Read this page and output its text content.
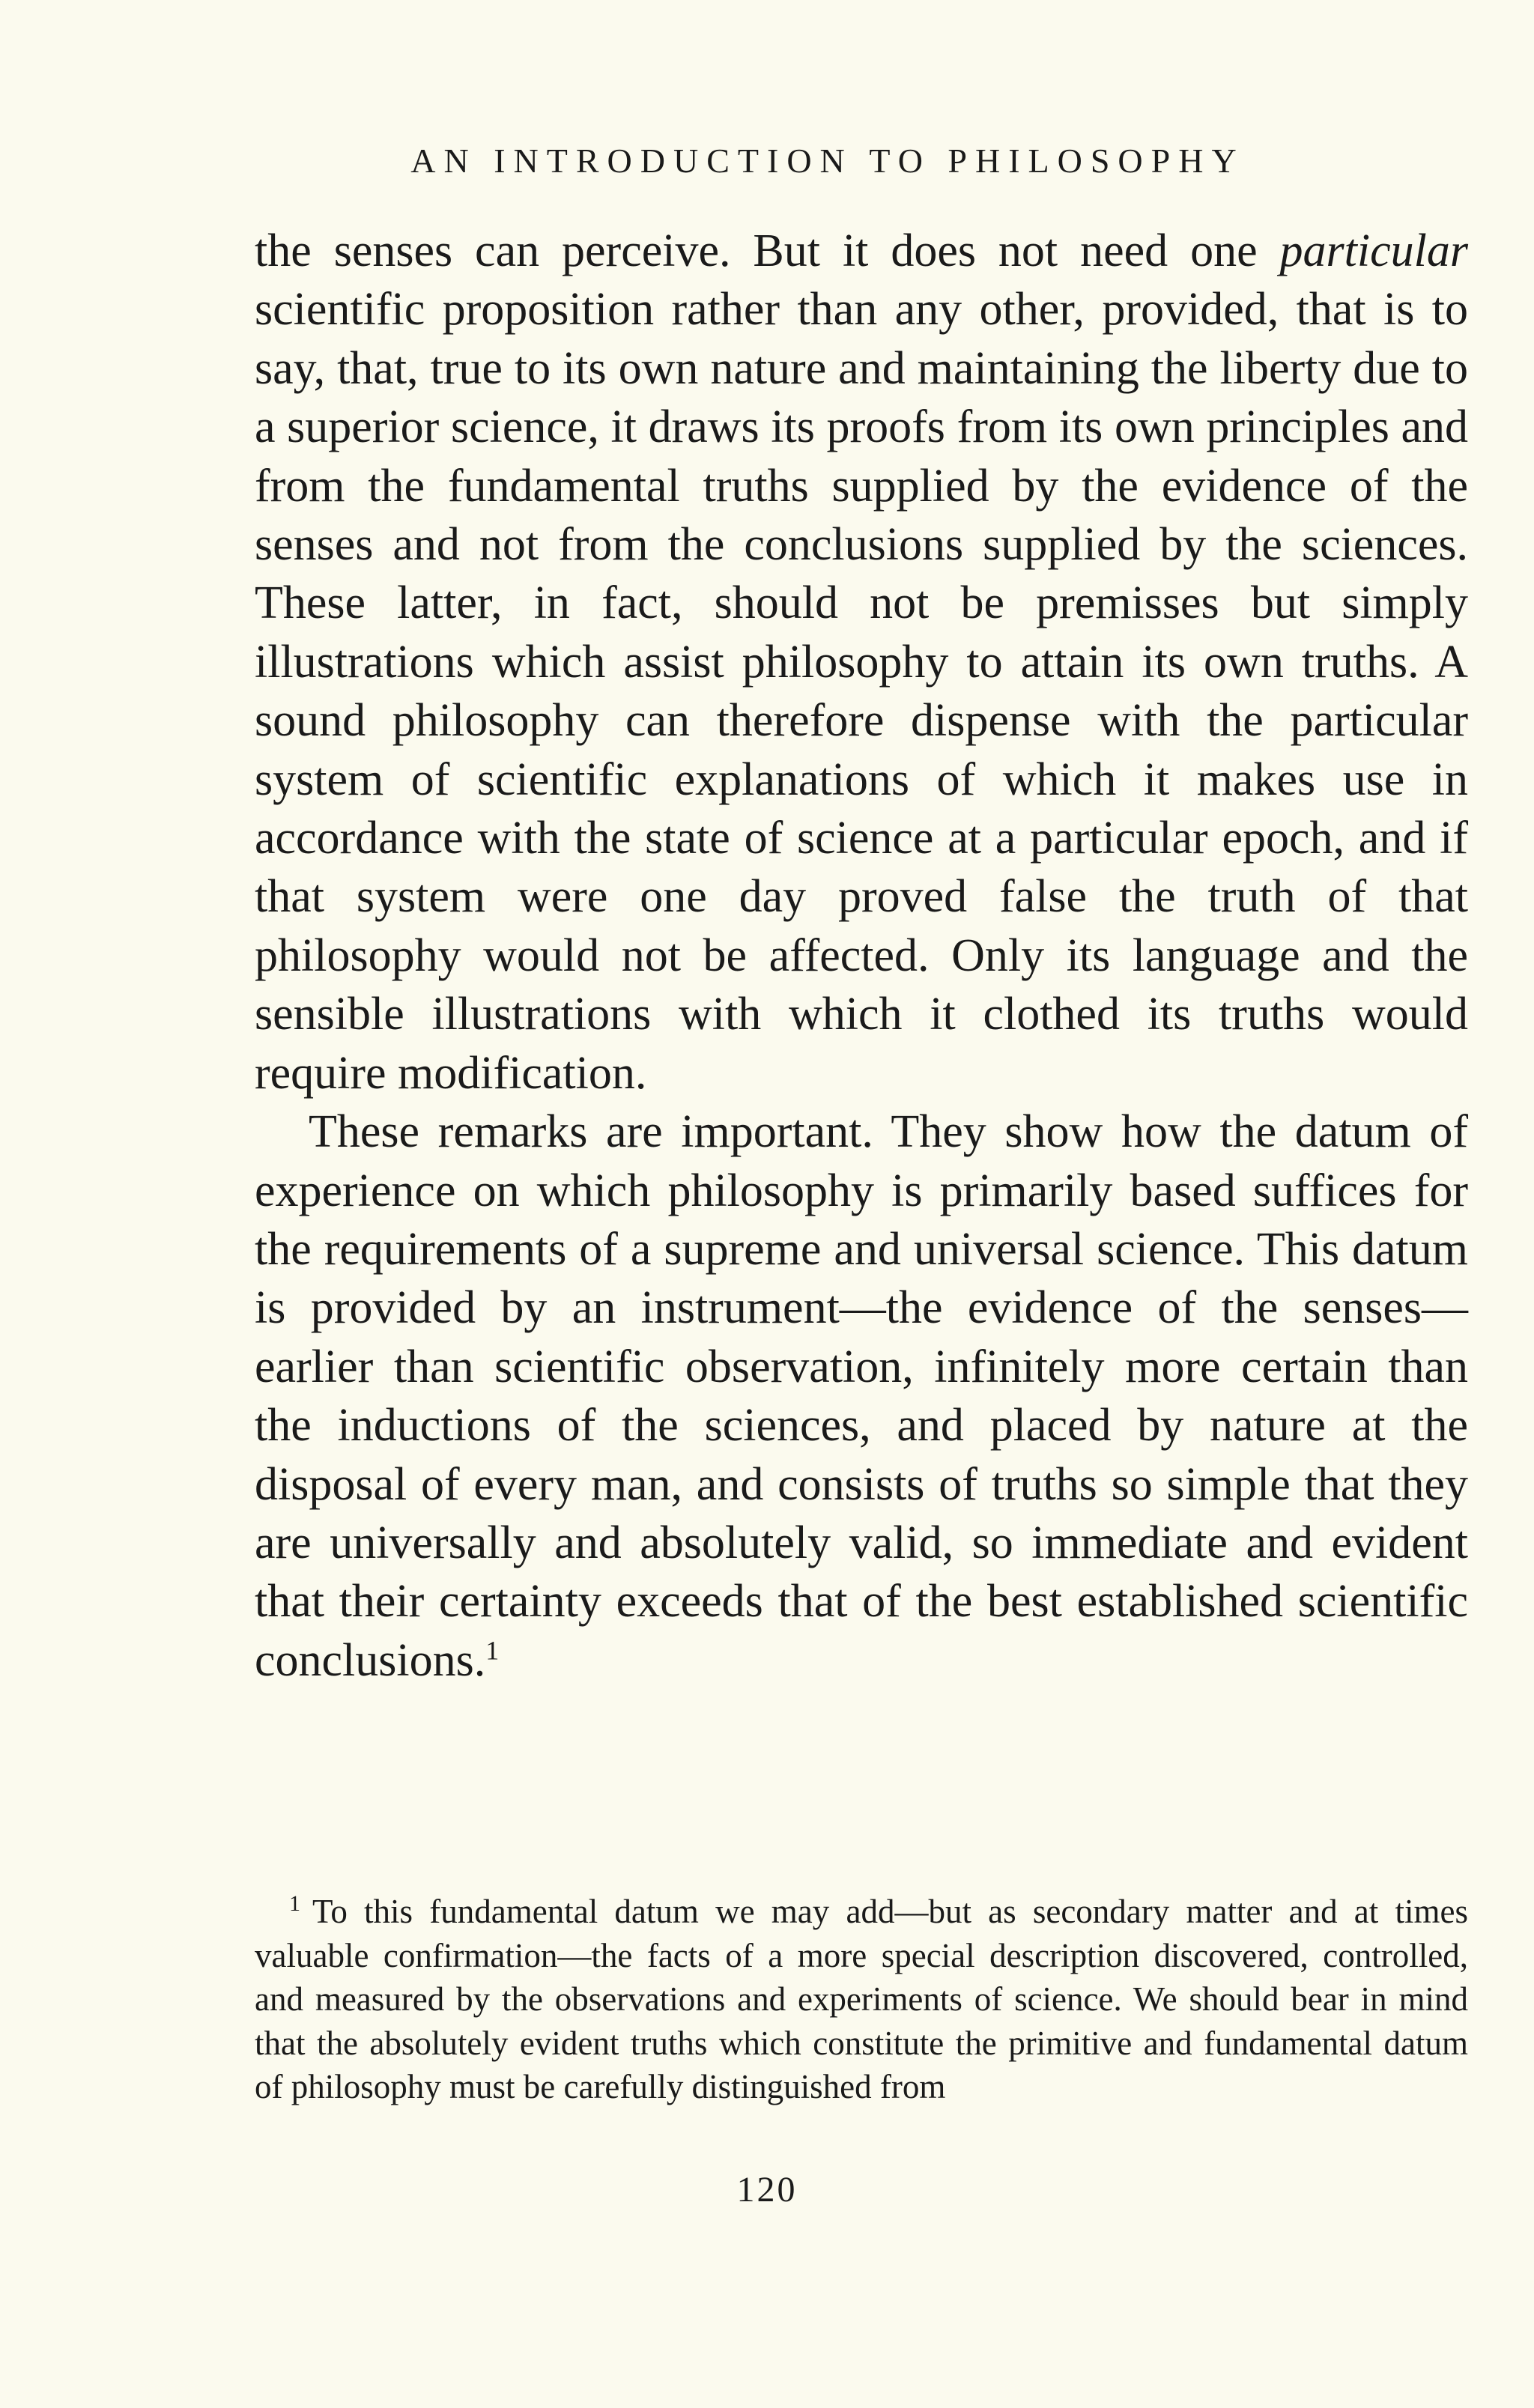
AN INTRODUCTION TO PHILOSOPHY

the senses can perceive. But it does not need one particular scientific proposition rather than any other, provided, that is to say, that, true to its own nature and maintaining the liberty due to a superior science, it draws its proofs from its own principles and from the fundamental truths supplied by the evidence of the senses and not from the conclusions supplied by the sciences. These latter, in fact, should not be premisses but simply illustrations which assist philosophy to attain its own truths. A sound philosophy can therefore dispense with the particular system of scientific explanations of which it makes use in accordance with the state of science at a particular epoch, and if that system were one day proved false the truth of that philosophy would not be affected. Only its language and the sensible illustrations with which it clothed its truths would require modification.

These remarks are important. They show how the datum of experience on which philosophy is primarily based suffices for the requirements of a supreme and universal science. This datum is provided by an instrument—the evidence of the senses—earlier than scientific observation, infinitely more certain than the inductions of the sciences, and placed by nature at the disposal of every man, and consists of truths so simple that they are universally and absolutely valid, so immediate and evident that their certainty exceeds that of the best established scientific conclusions.$^1$

$^1$ To this fundamental datum we may add—but as secondary matter and at times valuable confirmation—the facts of a more special description discovered, controlled, and measured by the observations and experiments of science. We should bear in mind that the absolutely evident truths which constitute the primitive and fundamental datum of philosophy must be carefully distinguished from

120
